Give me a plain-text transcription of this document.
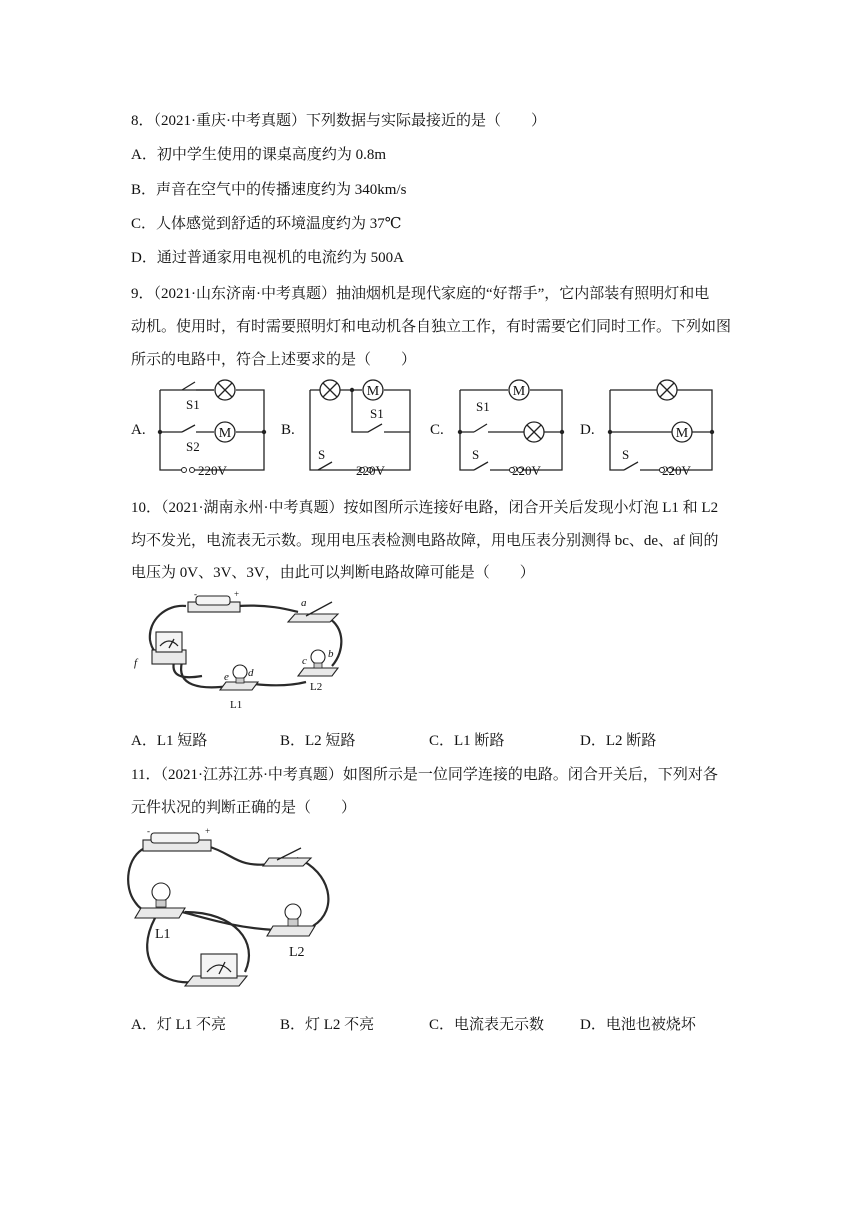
8．（2021·重庆·中考真题）下列数据与实际最接近的是（　　）
A．初中学生使用的课桌高度约为 0.8m
B．声音在空气中的传播速度约为 340km/s
C．人体感觉到舒适的环境温度约为 37℃
D．通过普通家用电视机的电流约为 500A
9．（2021·山东济南·中考真题）抽油烟机是现代家庭的“好帮手”，它内部装有照明灯和电
动机。使用时，有时需要照明灯和电动机各自独立工作，有时需要它们同时工作。下列如图
所示的电路中，符合上述要求的是（　　）
A.	B.	C.	D.
M
S1
S2
220V
M
S1
S
220V
M
S1
S
220V
M
S
220V
10．（2021·湖南永州·中考真题）按如图所示连接好电路，闭合开关后发现小灯泡 L1 和 L2
均不发光，电流表无示数。现用电压表检测电路故障，用电压表分别测得 bc、de、af 间的
电压为 0V、3V、3V，由此可以判断电路故障可能是（　　）
-	+
a
f
e d
L1
c
b
L2
A．L1 短路	B．L2 短路	C．L1 断路	D．L2 断路
11．（2021·江苏江苏·中考真题）如图所示是一位同学连接的电路。闭合开关后，下列对各
元件状况的判断正确的是（　　）
-	+
L1
L2
A．灯 L1 不亮	B．灯 L2 不亮	C．电流表无示数 D．电池也被烧坏
